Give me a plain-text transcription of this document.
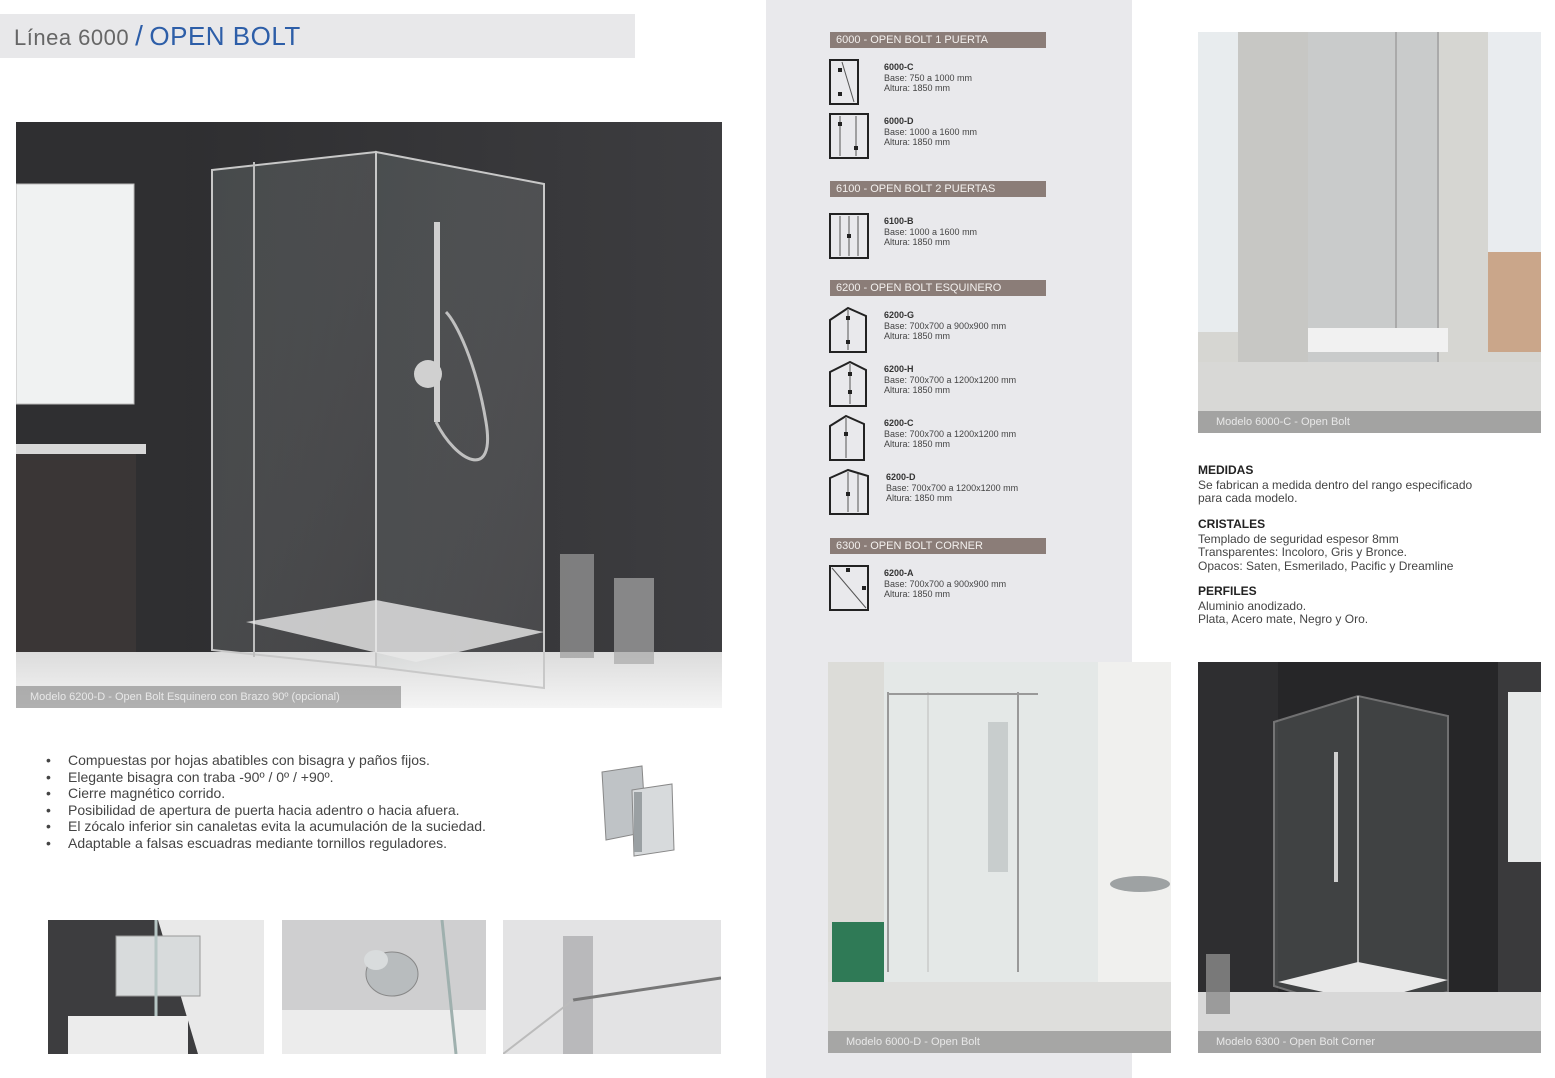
Línea 6000 / OPEN BOLT
Modelo 6200-D - Open Bolt Esquinero con Brazo 90º (opcional)
• Compuestas por hojas abatibles con bisagra y paños fijos.
• Elegante bisagra con traba -90º / 0º / +90º.
• Cierre magnético corrido.
• Posibilidad de apertura de puerta hacia adentro o hacia afuera.
• El zócalo inferior sin canaletas evita la acumulación de la suciedad.
• Adaptable a falsas escuadras mediante tornillos reguladores.
6000 - OPEN BOLT 1 PUERTA
6000-C
Base: 750 a 1000 mm
Altura: 1850 mm
6000-D
Base: 1000 a 1600 mm
Altura: 1850 mm
6100 - OPEN BOLT 2 PUERTAS
6100-B
Base: 1000 a 1600 mm
Altura: 1850 mm
6200 - OPEN BOLT ESQUINERO
6200-G
Base: 700x700 a 900x900 mm
Altura: 1850 mm
6200-H
Base: 700x700 a 1200x1200 mm
Altura: 1850 mm
6200-C
Base: 700x700 a 1200x1200 mm
Altura: 1850 mm
6200-D
Base: 700x700 a 1200x1200 mm
Altura: 1850 mm
6300 - OPEN BOLT CORNER
6200-A
Base: 700x700 a 900x900 mm
Altura: 1850 mm
Modelo 6000-C - Open Bolt
MEDIDAS
Se fabrican a medida dentro del rango especificado
para cada modelo.
CRISTALES
Templado de seguridad espesor 8mm
Transparentes: Incoloro, Gris y Bronce.
Opacos: Saten, Esmerilado, Pacific y Dreamline
PERFILES
Aluminio anodizado.
Plata, Acero mate, Negro y Oro.
Modelo 6000-D - Open Bolt	Modelo 6300 - Open Bolt Corner
